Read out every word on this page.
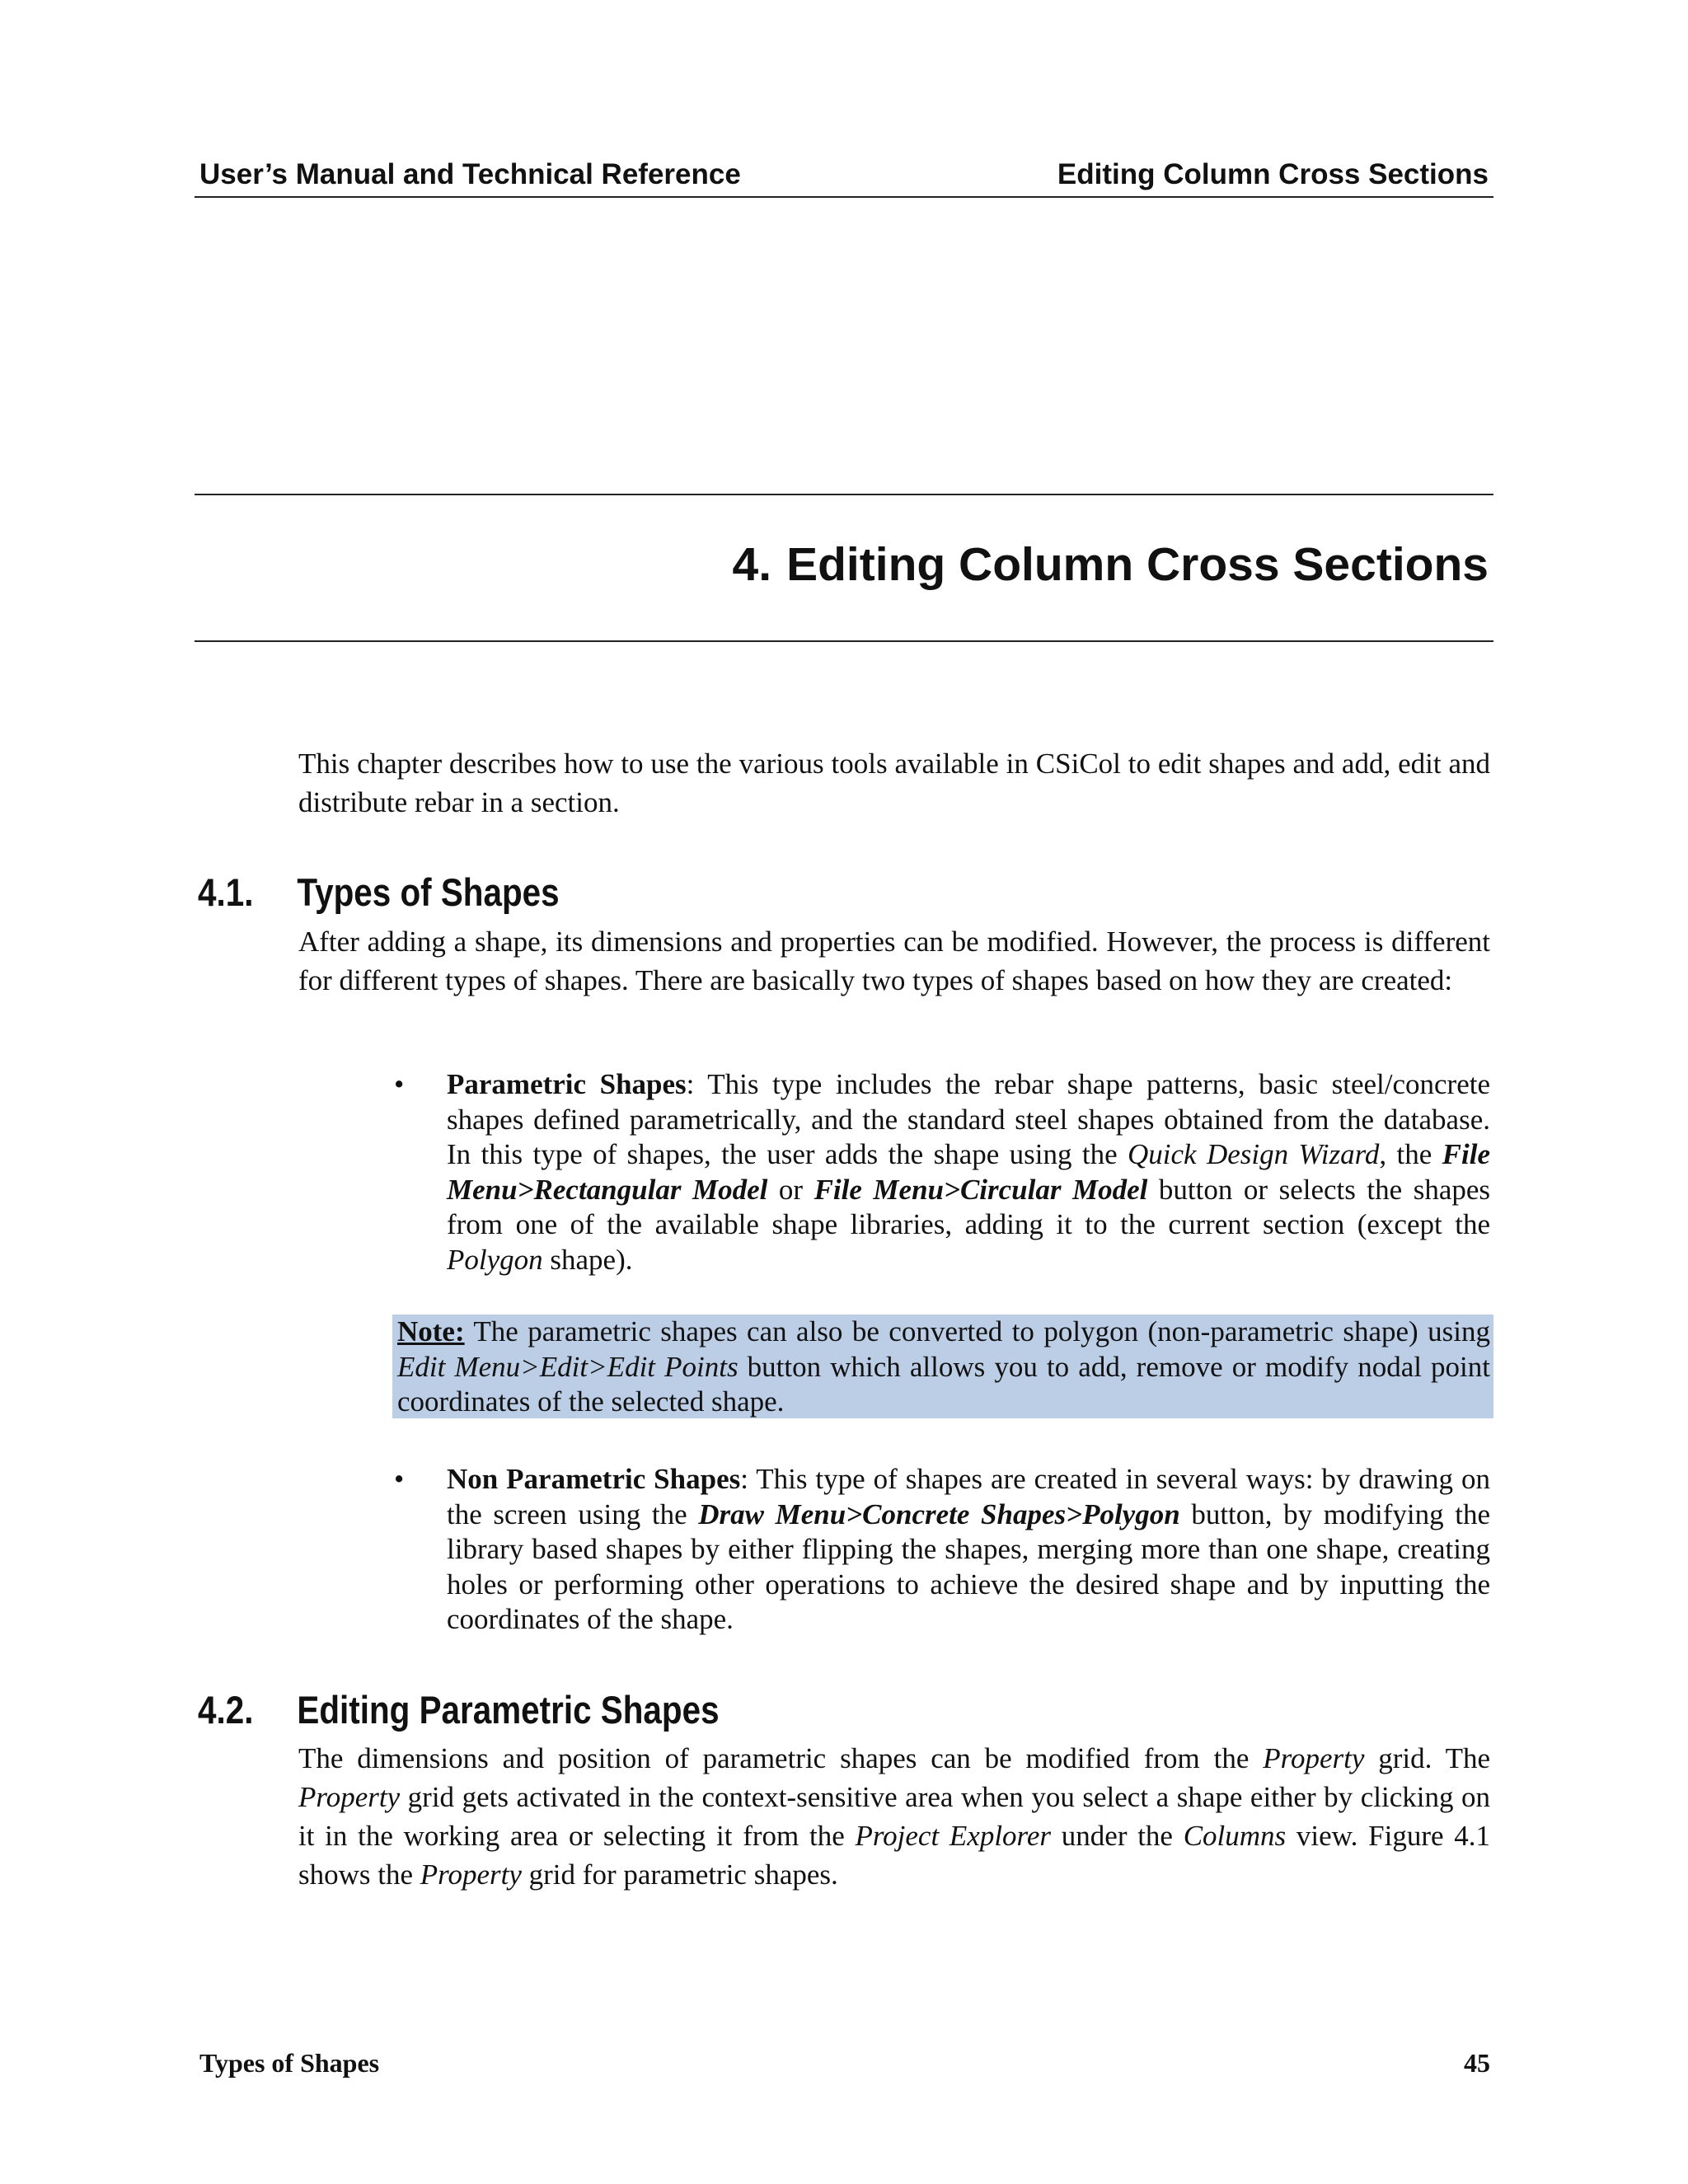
User’s Manual and Technical Reference	Editing Column Cross Sections
4. Editing Column Cross Sections
This chapter describes how to use the various tools available in CSiCol to edit shapes and add, edit and distribute rebar in a section.
4.1. Types of Shapes
After adding a shape, its dimensions and properties can be modified. However, the process is different for different types of shapes. There are basically two types of shapes based on how they are created:
• Parametric Shapes: This type includes the rebar shape patterns, basic steel/concrete shapes defined parametrically, and the standard steel shapes obtained from the database. In this type of shapes, the user adds the shape using the Quick Design Wizard, the File Menu>Rectangular Model or File Menu>Circular Model button or selects the shapes from one of the available shape libraries, adding it to the current section (except the Polygon shape).
Note: The parametric shapes can also be converted to polygon (non-parametric shape) using Edit Menu>Edit>Edit Points button which allows you to add, remove or modify nodal point coordinates of the selected shape.
• Non Parametric Shapes: This type of shapes are created in several ways: by drawing on the screen using the Draw Menu>Concrete Shapes>Polygon button, by modifying the library based shapes by either flipping the shapes, merging more than one shape, creating holes or performing other operations to achieve the desired shape and by inputting the coordinates of the shape.
4.2. Editing Parametric Shapes
The dimensions and position of parametric shapes can be modified from the Property grid. The Property grid gets activated in the context-sensitive area when you select a shape either by clicking on it in the working area or selecting it from the Project Explorer under the Columns view. Figure 4.1 shows the Property grid for parametric shapes.
Types of Shapes	45
